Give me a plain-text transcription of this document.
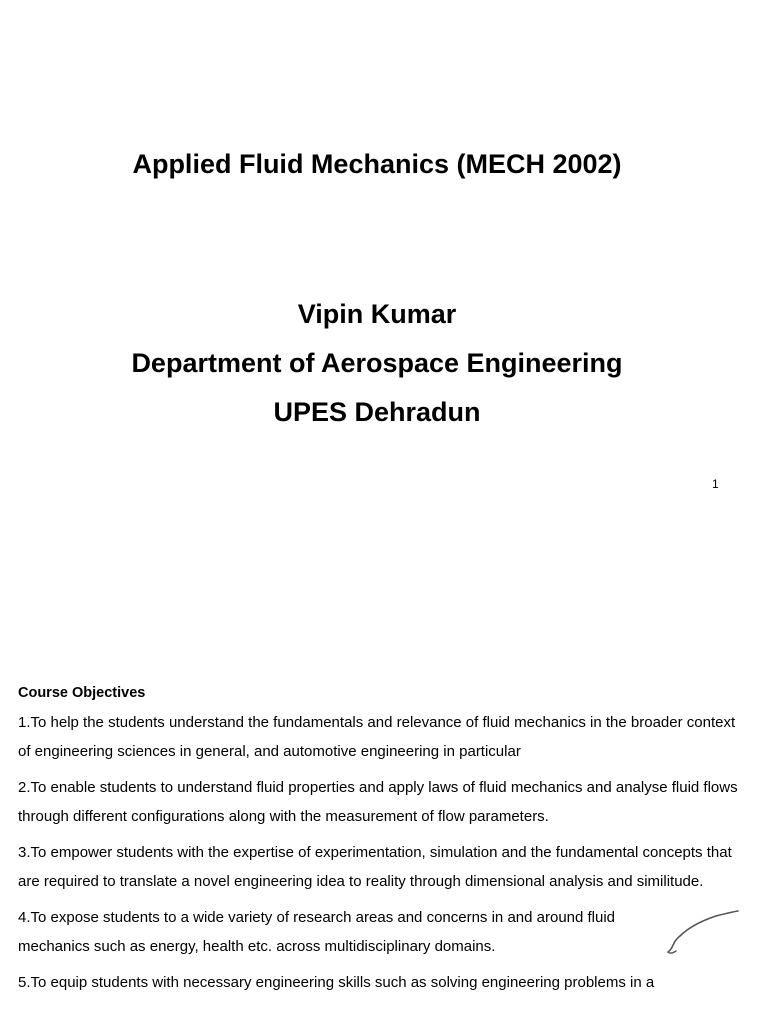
Applied Fluid Mechanics (MECH 2002)
Vipin Kumar
Department of Aerospace Engineering
UPES Dehradun
1
Course Objectives
1.To help the students understand the fundamentals and relevance of fluid mechanics in the broader context of engineering sciences in general, and automotive engineering in particular
2.To enable students to understand fluid properties and apply laws of fluid mechanics and analyse fluid flows through different configurations along with the measurement of flow parameters.
3.To empower students with the expertise of experimentation, simulation and the fundamental concepts that are required to translate a novel engineering idea to reality through dimensional analysis and similitude.
4.To expose students to a wide variety of research areas and concerns in and around fluid mechanics such as energy, health etc. across multidisciplinary domains.
5.To equip students with necessary engineering skills such as solving engineering problems in a
